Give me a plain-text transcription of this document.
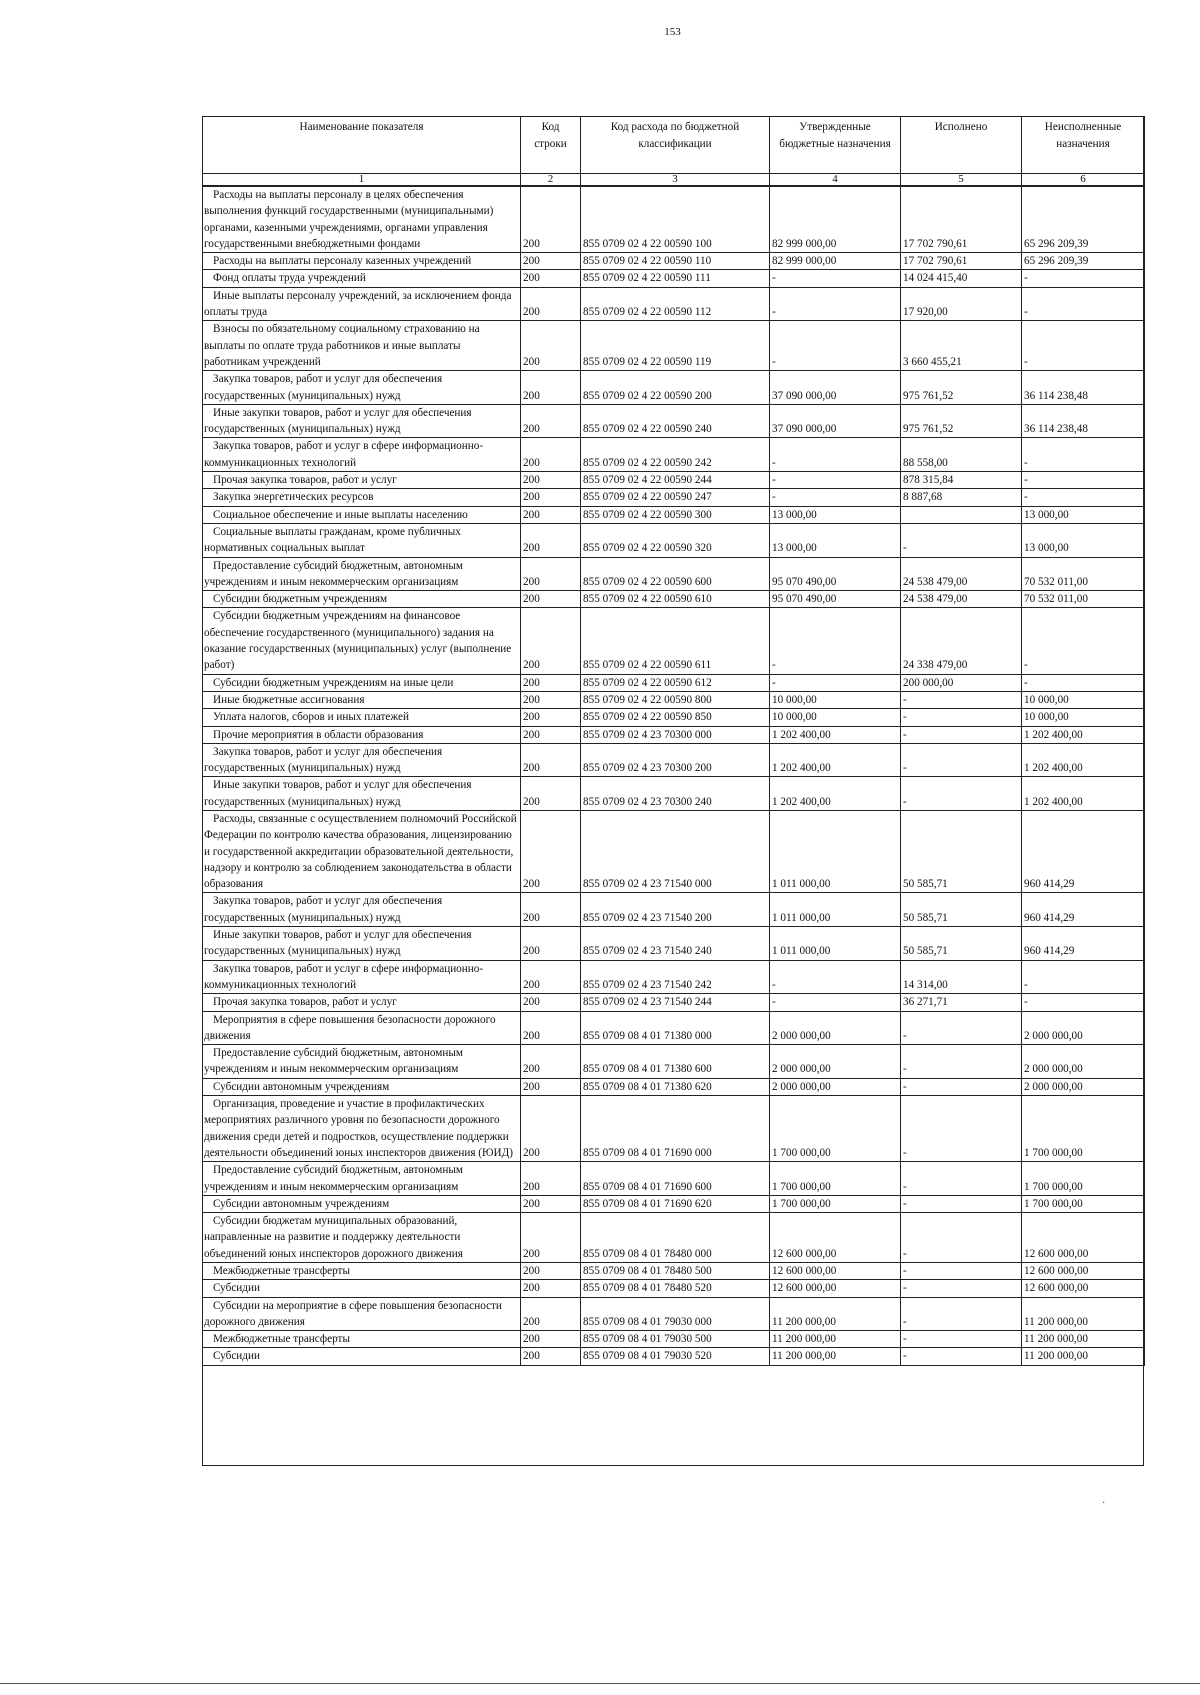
153
Наименование показателя	Код строки	Код расхода по бюджетной классификации	Утвержденные бюджетные назначения	Исполнено	Неисполненные назначения
1	2	3	4	5	6
Расходы на выплаты персоналу в целях обеспечения выполнения функций государственными (муниципальными) органами, казенными учреждениями, органами управления государственными внебюджетными фондами	200	855 0709 02 4 22 00590 100	82 999 000,00	17 702 790,61	65 296 209,39
Расходы на выплаты персоналу казенных учреждений	200	855 0709 02 4 22 00590 110	82 999 000,00	17 702 790,61	65 296 209,39
Фонд оплаты труда учреждений	200	855 0709 02 4 22 00590 111	-	14 024 415,40	-
Иные выплаты персоналу учреждений, за исключением фонда оплаты труда	200	855 0709 02 4 22 00590 112	-	17 920,00	-
Взносы по обязательному социальному страхованию на выплаты по оплате труда работников и иные выплаты работникам учреждений	200	855 0709 02 4 22 00590 119	-	3 660 455,21	-
Закупка товаров, работ и услуг для обеспечения государственных (муниципальных) нужд	200	855 0709 02 4 22 00590 200	37 090 000,00	975 761,52	36 114 238,48
Иные закупки товаров, работ и услуг для обеспечения государственных (муниципальных) нужд	200	855 0709 02 4 22 00590 240	37 090 000,00	975 761,52	36 114 238,48
Закупка товаров, работ и услуг в сфере информационно-коммуникационных технологий	200	855 0709 02 4 22 00590 242	-	88 558,00	-
Прочая закупка товаров, работ и услуг	200	855 0709 02 4 22 00590 244	-	878 315,84	-
Закупка энергетических ресурсов	200	855 0709 02 4 22 00590 247	-	8 887,68	-
Социальное обеспечение и иные выплаты населению	200	855 0709 02 4 22 00590 300	13 000,00		13 000,00
Социальные выплаты гражданам, кроме публичных нормативных социальных выплат	200	855 0709 02 4 22 00590 320	13 000,00	-	13 000,00
Предоставление субсидий бюджетным, автономным учреждениям и иным некоммерческим организациям	200	855 0709 02 4 22 00590 600	95 070 490,00	24 538 479,00	70 532 011,00
Субсидии бюджетным учреждениям	200	855 0709 02 4 22 00590 610	95 070 490,00	24 538 479,00	70 532 011,00
Субсидии бюджетным учреждениям на финансовое обеспечение государственного (муниципального) задания на оказание государственных (муниципальных) услуг (выполнение работ)	200	855 0709 02 4 22 00590 611	-	24 338 479,00	-
Субсидии бюджетным учреждениям на иные цели	200	855 0709 02 4 22 00590 612	-	200 000,00	-
Иные бюджетные ассигнования	200	855 0709 02 4 22 00590 800	10 000,00	-	10 000,00
Уплата налогов, сборов и иных платежей	200	855 0709 02 4 22 00590 850	10 000,00	-	10 000,00
Прочие мероприятия в области образования	200	855 0709 02 4 23 70300 000	1 202 400,00	-	1 202 400,00
Закупка товаров, работ и услуг для обеспечения государственных (муниципальных) нужд	200	855 0709 02 4 23 70300 200	1 202 400,00	-	1 202 400,00
Иные закупки товаров, работ и услуг для обеспечения государственных (муниципальных) нужд	200	855 0709 02 4 23 70300 240	1 202 400,00	-	1 202 400,00
Расходы, связанные с осуществлением полномочий Российской Федерации по контролю качества образования, лицензированию и государственной аккредитации образовательной деятельности, надзору и контролю за соблюдением законодательства в области образования	200	855 0709 02 4 23 71540 000	1 011 000,00	50 585,71	960 414,29
Закупка товаров, работ и услуг для обеспечения государственных (муниципальных) нужд	200	855 0709 02 4 23 71540 200	1 011 000,00	50 585,71	960 414,29
Иные закупки товаров, работ и услуг для обеспечения государственных (муниципальных) нужд	200	855 0709 02 4 23 71540 240	1 011 000,00	50 585,71	960 414,29
Закупка товаров, работ и услуг в сфере информационно-коммуникационных технологий	200	855 0709 02 4 23 71540 242	-	14 314,00	-
Прочая закупка товаров, работ и услуг	200	855 0709 02 4 23 71540 244	-	36 271,71	-
Мероприятия в сфере повышения безопасности дорожного движения	200	855 0709 08 4 01 71380 000	2 000 000,00	-	2 000 000,00
Предоставление субсидий бюджетным, автономным учреждениям и иным некоммерческим организациям	200	855 0709 08 4 01 71380 600	2 000 000,00	-	2 000 000,00
Субсидии автономным учреждениям	200	855 0709 08 4 01 71380 620	2 000 000,00	-	2 000 000,00
Организация, проведение и участие в профилактических мероприятиях различного уровня по безопасности дорожного движения среди детей и подростков, осуществление поддержки деятельности объединений юных инспекторов движения (ЮИД)	200	855 0709 08 4 01 71690 000	1 700 000,00	-	1 700 000,00
Предоставление субсидий бюджетным, автономным учреждениям и иным некоммерческим организациям	200	855 0709 08 4 01 71690 600	1 700 000,00	-	1 700 000,00
Субсидии автономным учреждениям	200	855 0709 08 4 01 71690 620	1 700 000,00	-	1 700 000,00
Субсидии бюджетам муниципальных образований, направленные на развитие и поддержку деятельности объединений юных инспекторов дорожного движения	200	855 0709 08 4 01 78480 000	12 600 000,00	-	12 600 000,00
Межбюджетные трансферты	200	855 0709 08 4 01 78480 500	12 600 000,00	-	12 600 000,00
Субсидии	200	855 0709 08 4 01 78480 520	12 600 000,00	-	12 600 000,00
Субсидии на мероприятие в сфере повышения безопасности дорожного движения	200	855 0709 08 4 01 79030 000	11 200 000,00	-	11 200 000,00
Межбюджетные трансферты	200	855 0709 08 4 01 79030 500	11 200 000,00	-	11 200 000,00
Субсидии	200	855 0709 08 4 01 79030 520	11 200 000,00	-	11 200 000,00
·
